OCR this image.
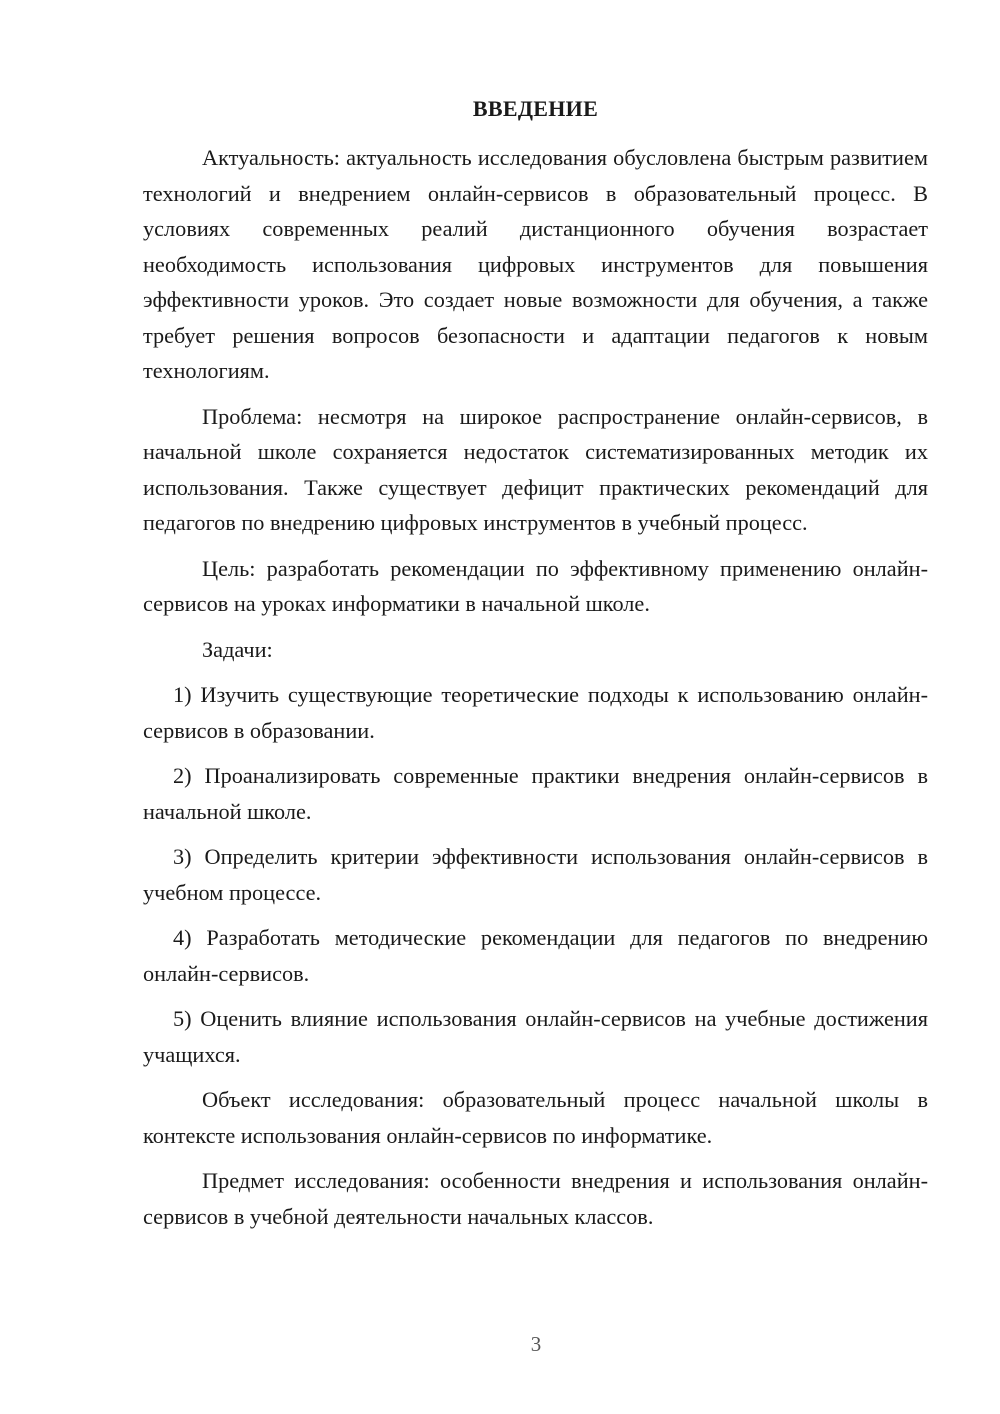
ВВЕДЕНИЕ

Актуальность: актуальность исследования обусловлена быстрым развитием технологий и внедрением онлайн-сервисов в образовательный процесс. В условиях современных реалий дистанционного обучения возрастает необходимость использования цифровых инструментов для повышения эффективности уроков. Это создает новые возможности для обучения, а также требует решения вопросов безопасности и адаптации педагогов к новым технологиям.

Проблема: несмотря на широкое распространение онлайн-сервисов, в начальной школе сохраняется недостаток систематизированных методик их использования. Также существует дефицит практических рекомендаций для педагогов по внедрению цифровых инструментов в учебный процесс.

Цель: разработать рекомендации по эффективному применению онлайн-сервисов на уроках информатики в начальной школе.

Задачи:

1) Изучить существующие теоретические подходы к использованию онлайн-сервисов в образовании.

2) Проанализировать современные практики внедрения онлайн-сервисов в начальной школе.

3) Определить критерии эффективности использования онлайн-сервисов в учебном процессе.

4) Разработать методические рекомендации для педагогов по внедрению онлайн-сервисов.

5) Оценить влияние использования онлайн-сервисов на учебные достижения учащихся.

Объект исследования: образовательный процесс начальной школы в контексте использования онлайн-сервисов по информатике.

Предмет исследования: особенности внедрения и использования онлайн-сервисов в учебной деятельности начальных классов.

3
